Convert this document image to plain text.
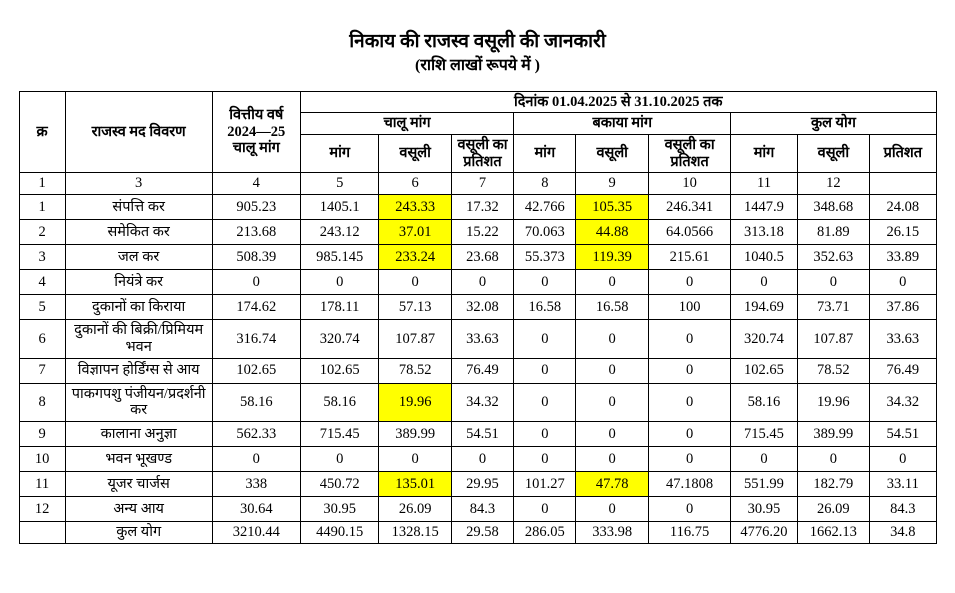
निकाय की राजस्व वसूली की जानकारी
(राशि लाखों रूपये में )
क्र	राजस्व मद विवरण	वित्तीय वर्ष 2024—25 चालू मांग	दिनांक 01.04.2025 से 31.10.2025 तक								
			चालू मांग			बकाया मांग			कुल योग		
			मांग	वसूली	वसूली का प्रतिशत	मांग	वसूली	वसूली का प्रतिशत	मांग	वसूली	प्रतिशत
1	3	4	5	6	7	8	9	10	11	12	
1	संपत्ति कर	905.23	1405.1	243.33	17.32	42.766	105.35	246.341	1447.9	348.68	24.08
2	समेकित कर	213.68	243.12	37.01	15.22	70.063	44.88	64.0566	313.18	81.89	26.15
3	जल कर	508.39	985.145	233.24	23.68	55.373	119.39	215.61	1040.5	352.63	33.89
4	नियंत्रे कर	0	0	0	0	0	0	0	0	0	0
5	दुकानों का किराया	174.62	178.11	57.13	32.08	16.58	16.58	100	194.69	73.71	37.86
6	दुकानों की बिक्री/प्रिमियम भवन	316.74	320.74	107.87	33.63	0	0	0	320.74	107.87	33.63
7	विज्ञापन होर्डिंग्स से आय	102.65	102.65	78.52	76.49	0	0	0	102.65	78.52	76.49
8	पाकगपशु पंजीयन/प्रदर्शनी कर	58.16	58.16	19.96	34.32	0	0	0	58.16	19.96	34.32
9	कालाना अनुज्ञा	562.33	715.45	389.99	54.51	0	0	0	715.45	389.99	54.51
10	भवन भूखण्ड	0	0	0	0	0	0	0	0	0	0
11	यूजर चार्जस	338	450.72	135.01	29.95	101.27	47.78	47.1808	551.99	182.79	33.11
12	अन्य आय	30.64	30.95	26.09	84.3	0	0	0	30.95	26.09	84.3
	कुल योग	3210.44	4490.15	1328.15	29.58	286.05	333.98	116.75	4776.20	1662.13	34.8
